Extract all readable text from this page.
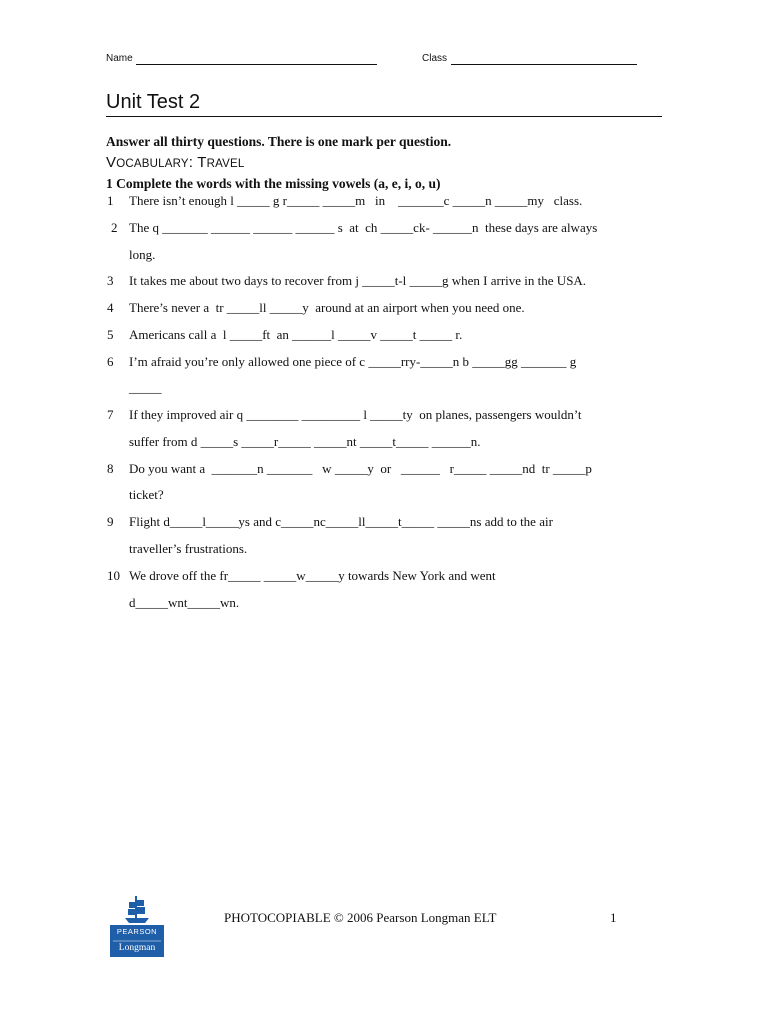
Name	Class
Unit Test 2
Answer all thirty questions. There is one mark per question.
VOCABULARY: TRAVEL
1 Complete the words with the missing vowels (a, e, i, o, u)
1 There isn’t enough l _____ g r_____ _____m   in    _______c _____n _____my   class.
2 The q _______ ______ ______ ______ s  at  ch _____ck- ______n  these days are always
long.
3 It takes me about two days to recover from j _____t-l _____g when I arrive in the USA.
4 There’s never a  tr _____ll _____y  around at an airport when you need one.
5 Americans call a  l _____ft  an ______l _____v _____t _____ r.
6 I’m afraid you’re only allowed one piece of c _____rry-_____n b _____gg _______ g
_____
7 If they improved air q ________ _________ l _____ty  on planes, passengers wouldn’t
suffer from d _____s _____r_____ _____nt _____t_____ ______n.
8 Do you want a  _______n _______   w _____y  or   ______   r_____ _____nd  tr _____p
ticket?
9 Flight d_____l_____ys and c_____nc_____ll_____t_____ _____ns add to the air
traveller’s frustrations.
10 We drove off the fr_____ _____w_____y towards New York and went
d_____wnt_____wn.
PEARSON
Longman
PHOTOCOPIABLE © 2006 Pearson Longman ELT	1
